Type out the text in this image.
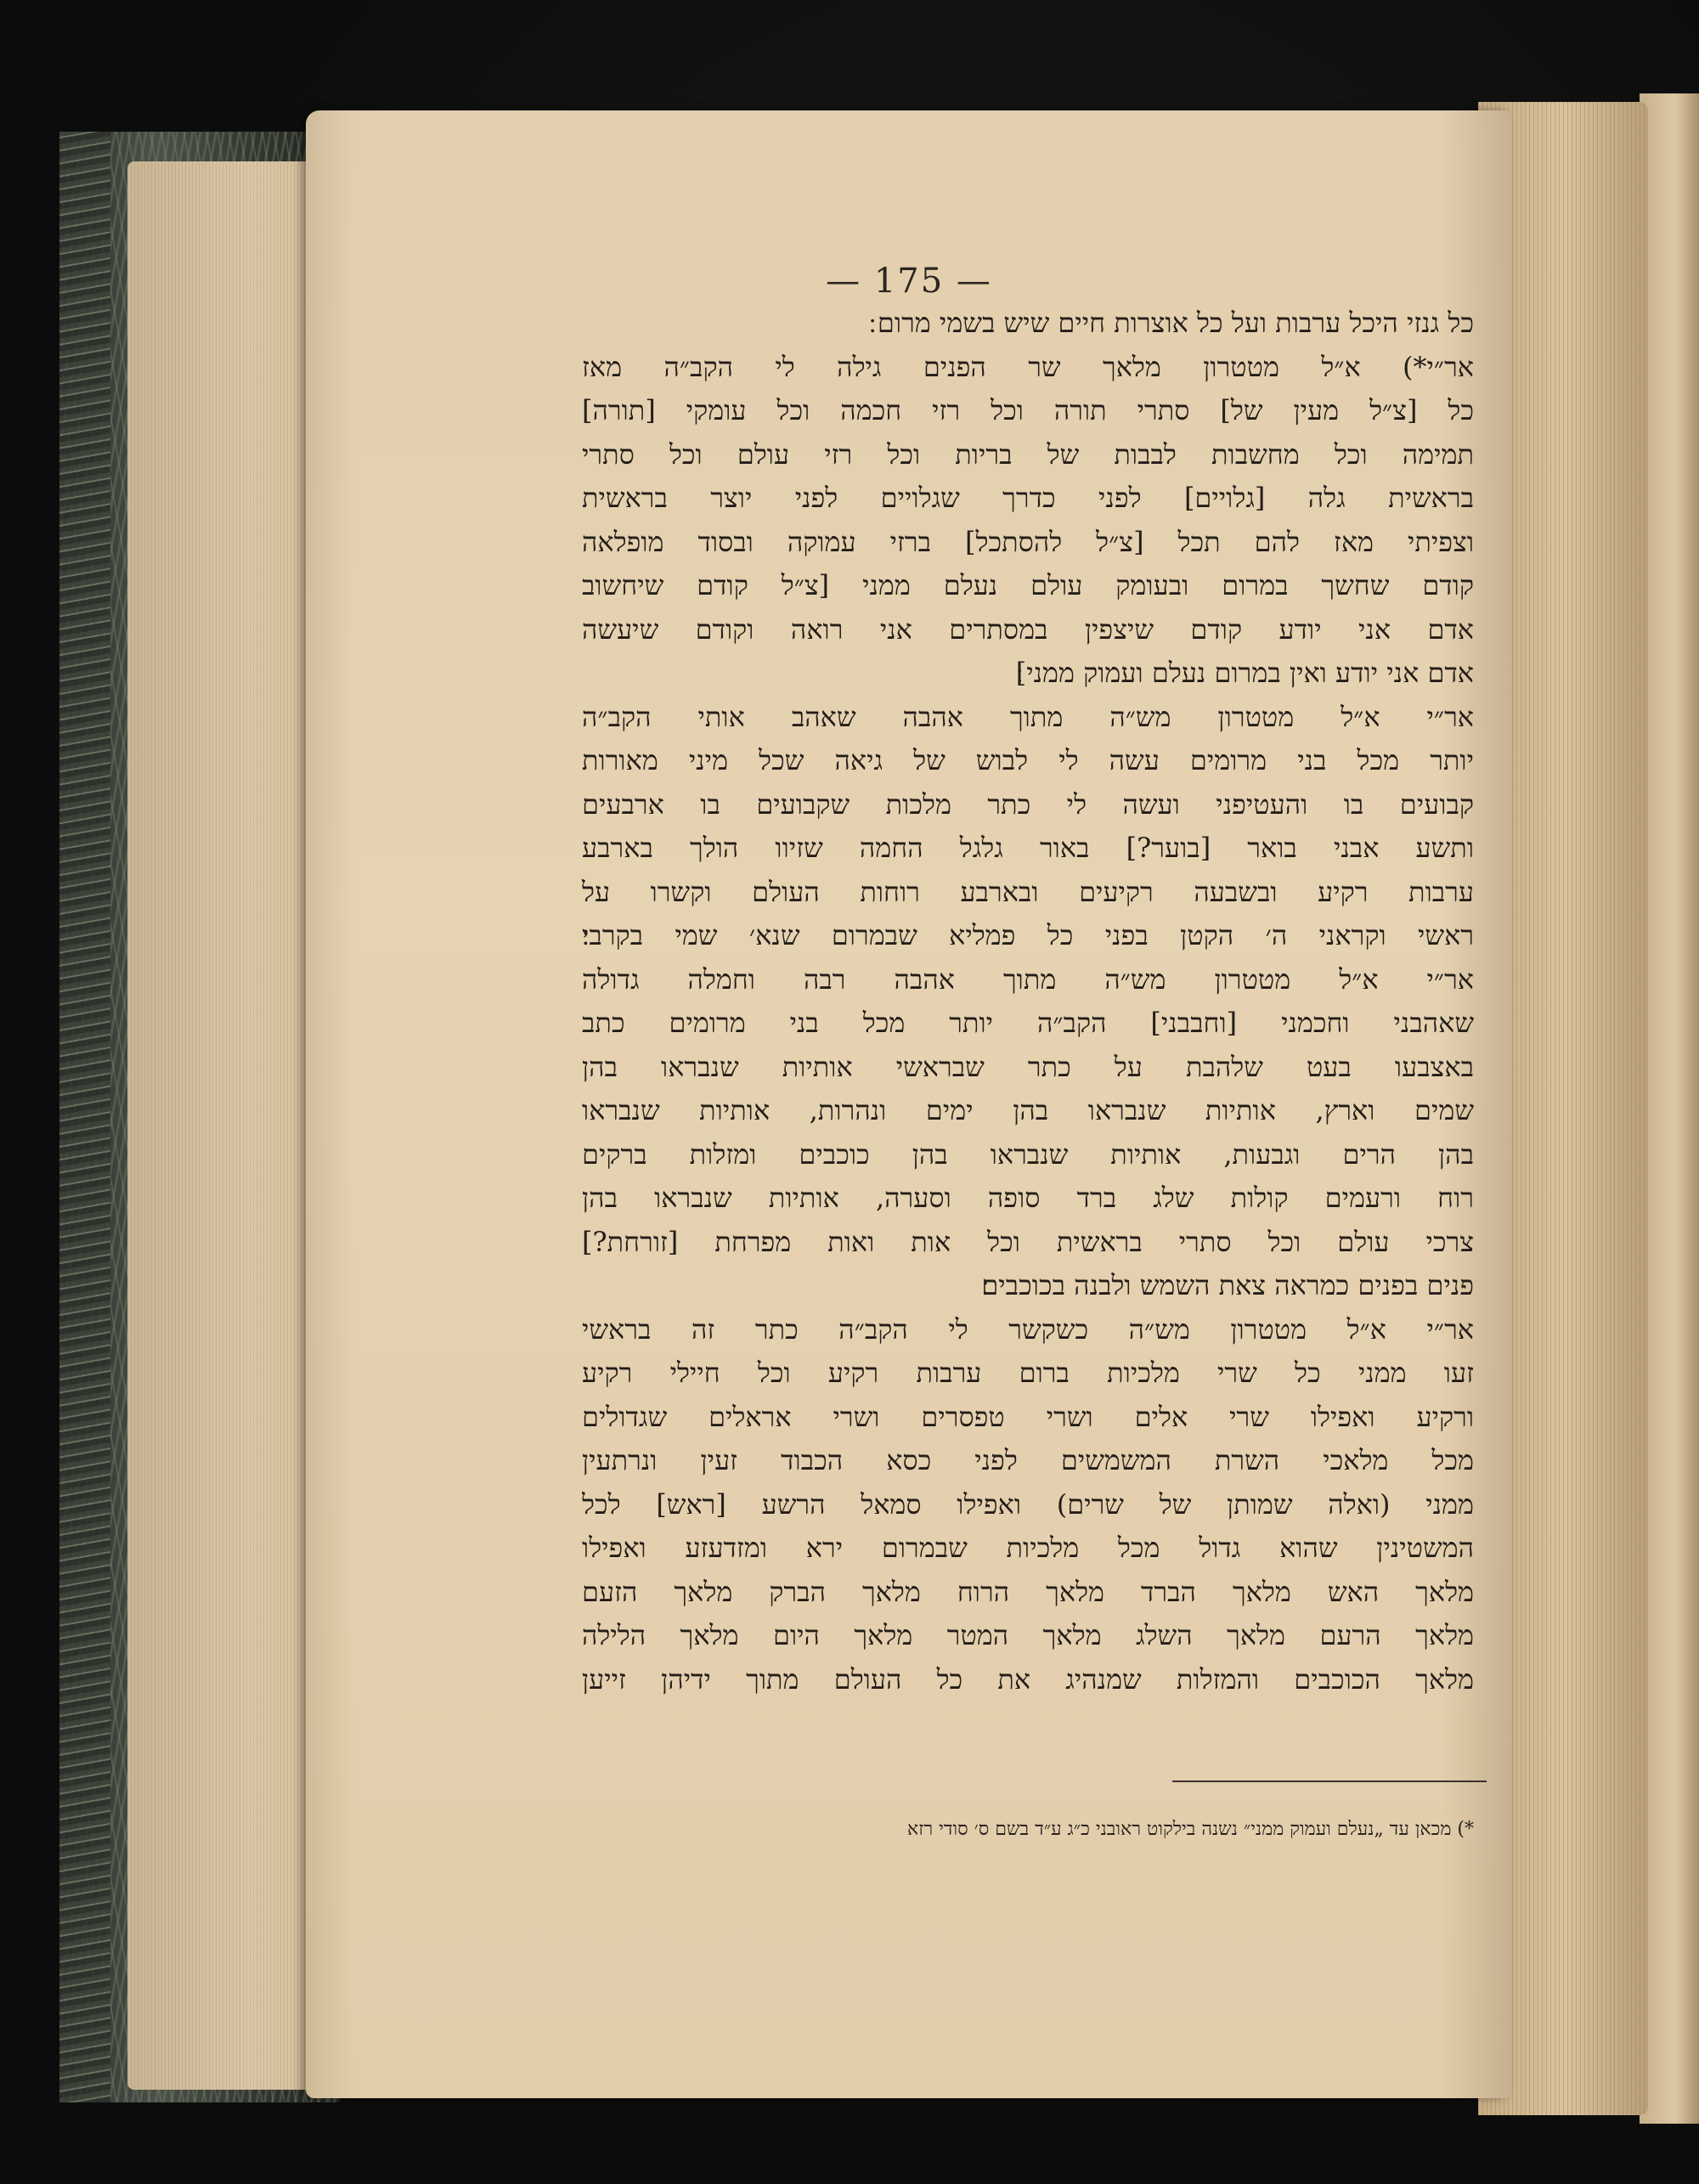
— 175 —
כל גנזי היכל ערבות ועל כל אוצרות חיים שיש בשמי מרום ׃
אר״י*) א״ל מטטרון מלאך שר הפנים גילה לי הקב״ה מאז
כל [צ״ל מעין של] סתרי תורה וכל רזי חכמה וכל עומקי [תורה]
תמימה וכל מחשבות לבבות של בריות וכל רזי עולם וכל סתרי
בראשית גלה [גלויים] לפני כדרך שגלויים לפני יוצר בראשית
וצפיתי מאז להם תכל [צ״ל להסתכל] ברזי עמוקה ובסוד מופלאה
קודם שחשך במרום ובעומק עולם נעלם ממני [צ״ל קודם שיחשוב
אדם אני יודע קודם שיצפין במסתרים אני רואה וקודם שיעשה
אדם אני יודע ואין במרום נעלם ועמוק ממני]׃
אר״י א״ל מטטרון מש״ה מתוך אהבה שאהב אותי הקב״ה
יותר מכל בני מרומים עשה לי לבוש של גיאה שכל מיני מאורות
קבועים בו והעטיפני ועשה לי כתר מלכות שקבועים בו ארבעים
ותשע אבני בואר [בוער?] באור גלגל החמה שזיוו הולך בארבע
ערבות רקיע ובשבעה רקיעים ובארבע רוחות העולם וקשרו על
ראשי וקראני ה׳ הקטן בפני כל פמליא שבמרום שנא׳ שמי בקרבי׃
אר״י א״ל מטטרון מש״ה מתוך אהבה רבה וחמלה גדולה
שאהבני וחכמני [וחבבני] הקב״ה יותר מכל בני מרומים כתב
באצבעו בעט שלהבת על כתר שבראשי אותיות שנבראו בהן
שמים וארץ, אותיות שנבראו בהן ימים ונהרות, אותיות שנבראו
בהן הרים וגבעות, אותיות שנבראו בהן כוכבים ומזלות ברקים
רוח ורעמים קולות שלג ברד סופה וסערה, אותיות שנבראו בהן
צרכי עולם וכל סתרי בראשית וכל אות ואות מפרחת [זורחת?]
פנים בפנים כמראה צאת השמש ולבנה בכוכבים׃
אר״י א״ל מטטרון מש״ה כשקשר לי הקב״ה כתר זה בראשי
זעו ממני כל שרי מלכיות ברום ערבות רקיע וכל חיילי רקיע
ורקיע ואפילו שרי אלים ושרי טפסרים ושרי אראלים שגדולים
מכל מלאכי השרת המשמשים לפני כסא הכבוד זעין ונרתעין
ממני (ואלה שמותן של שרים) ואפילו סמאל הרשע [ראש] לכל
המשטינין שהוא גדול מכל מלכיות שבמרום ירא ומזדעזע ואפילו
מלאך האש מלאך הברד מלאך הרוח מלאך הברק מלאך הזעם
מלאך הרעם מלאך השלג מלאך המטר מלאך היום מלאך הלילה
מלאך הכוכבים והמזלות שמנהיג את כל העולם מתוך ידיהן זייען
*) מכאן עד „נעלם ועמוק ממני״ נשנה בילקוט ראובני כ״ג ע״ד בשם ס׳ סודי רזא
